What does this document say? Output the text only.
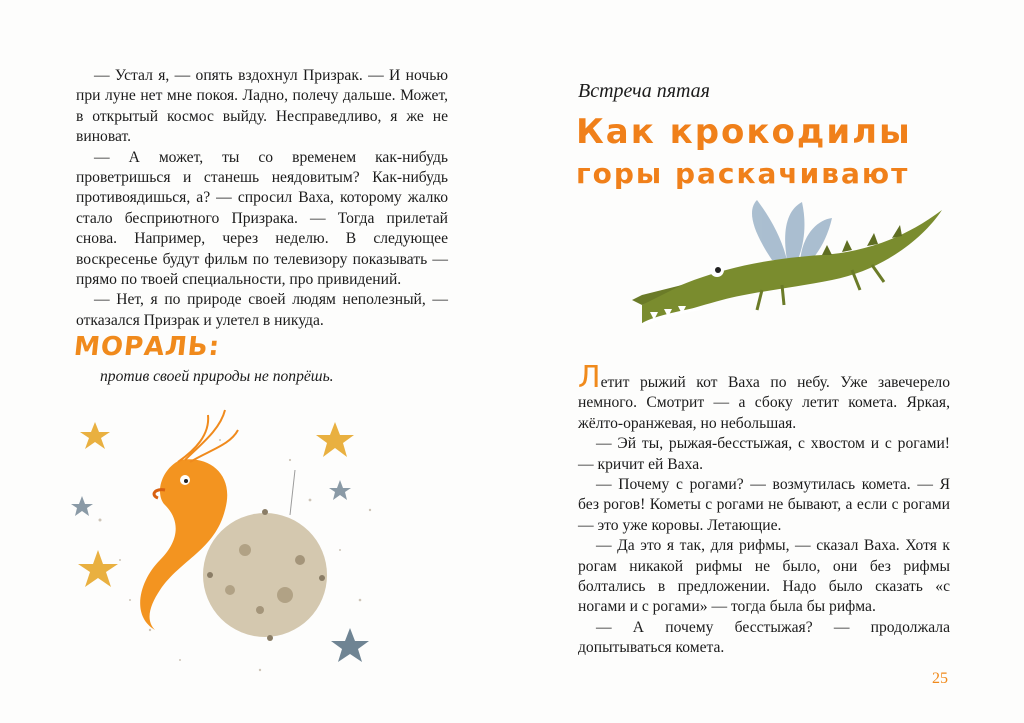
— Устал я, — опять вздохнул Призрак. — И ночью при луне нет мне покоя. Ладно, полечу дальше. Может, в открытый космос выйду. Несправедливо, я же не виноват.

— А может, ты со временем как-нибудь проветришься и станешь неядовитым? Как-нибудь противоядишься, а? — спросил Ваха, которому жалко стало бесприютного Призрака. — Тогда прилетай снова. Например, через неделю. В следующее воскресенье будут фильм по телевизору показывать — прямо по твоей специальности, про привидений.

— Нет, я по природе своей людям неполезный, — отказался Призрак и улетел в никуда.

МОРАЛЬ:
против своей природы не попрёшь.
Встреча пятая
Как крокодилы
горы раскачивают

Летит рыжий кот Ваха по небу. Уже завечерело немного. Смотрит — а сбоку летит комета. Яркая, жёлто-оранжевая, но небольшая.

— Эй ты, рыжая-бесстыжая, с хвостом и с рогами! — кричит ей Ваха.

— Почему с рогами? — возмутилась комета. — Я без рогов! Кометы с рогами не бывают, а если с рогами — это уже коровы. Летающие.

— Да это я так, для рифмы, — сказал Ваха. Хотя к рогам никакой рифмы не было, они без рифмы болтались в предложении. Надо было сказать «с ногами и с рогами» — тогда была бы рифма.

— А почему бесстыжая? — продолжала допытываться комета.

25
